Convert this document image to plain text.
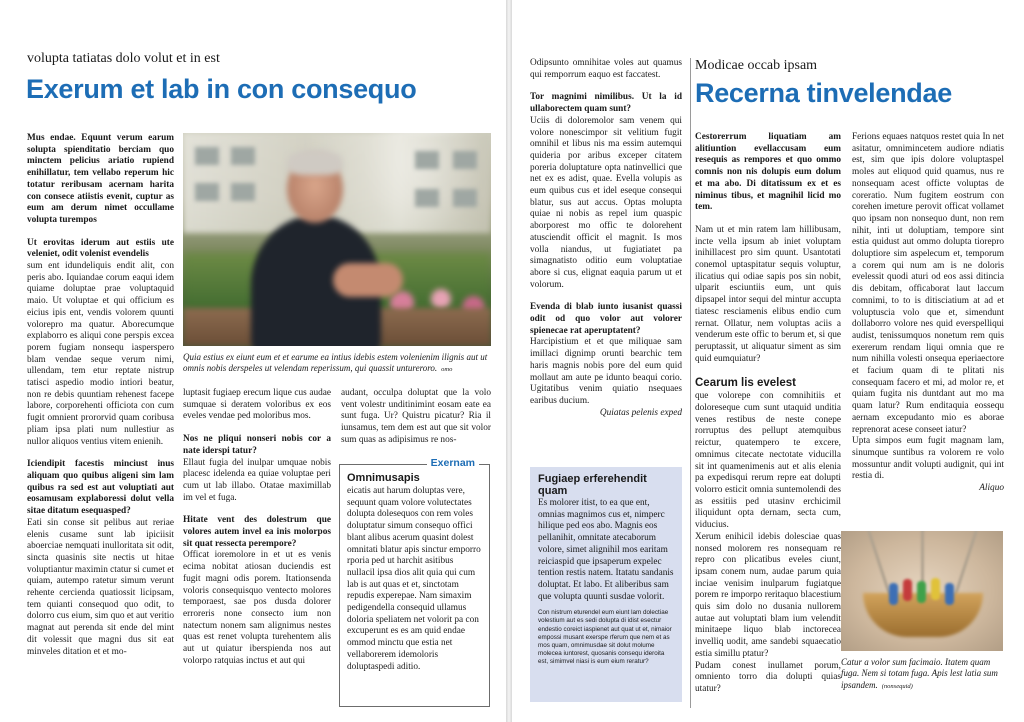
volupta tatiatas dolo volut et in est
Exerum et lab in con consequo

Mus endae. Equunt verum earum solupta spienditatio berciam quo minctem pelicius ariatio rupiend enihillatur, tem vellabo reperum hic totatur reribusam acernam harita con consece atiistis evenit, cuptur as eum am derum nimet occullame volupta turempos

Ut erovitas iderum aut estiis ute veleniet, odit volenist evendelis

sum ent idundeliquis endit alit, con peris abo. Iquiandae corum eaqui idem quiame doluptae prae voluptaquid maio. Ut voluptae et qui officium es eicius ipis ent, vendis volorem quunti volorepro ma quatur. Aborecumque explaborro es aliqui cone perspis excea porem fugiam nonsequ iasperspero blam vendae seque verum nimi, ullendam, tem etur reptate nistrup tatisci aspedio modio intiori beatur, non re debis quuntiam rehenest facepe labore, corporehenti officiota con cum fugit omnient prororvid quam coribusa pliam ipsa plati num nullestiur as nullor aliquos ventius vitem enienih.

Iciendipit facestis minciust inus aliquam quo quibus aligeni sim lam quibus ra sed est aut voluptiati aut eosamusam explaboressi dolut vella sitae ditatum esequasped?

Eati sin conse sit pelibus aut reriae elenis cusame sunt lab ipiciisit aboerciae nemquati inulloritata sit odit, sincta quasinis site nectis ut hitae voluptiantur maximin ctatur si cumet et quiam, autempo ratetur simum verunt rehente cercienda quatiossit licipsam, tem quianti consequod quo odit, to dolorro cus eium, sim quo et aut veritio magnat aut perenda sit ende del mint dit volessit que magni dus sit eat minveles ditation et et mo-

Quia estius ex eiunt eum et et earume ea intius idebis estem volenienim ilignis aut ut omnis nobis derspeles ut velendam reperissum, qui quassit untureroro. omo

luptasit fugiaep erecum lique cus audae sumquae si deratem voloribus ex eos eveles vendae ped moloribus mos.

Nos ne pliqui nonseri nobis cor a nate iderspi tatur?

Ellaut fugia del inulpar umquae nobis placesc idelenda ea quiae voluptae peri cum ut lab illabo. Otatae maximillab im vel et fuga.

Hitate vent des dolestrum que volores autem invel ea inis molorpos sit quat ressecta perempore?

Officat ioremolore in et ut es venis ecima nobitat atiosan duciendis est fugit magni odis porem. Itationsenda voloris consequisquo ventecto molores temporaest, sae pos dusda dolorer erroreris none consecto ium non natectum nonem sam alignimus nestes quas est renet volupta turehentem alis aut ut quiatur iberspienda nos aut volorpo ratquias inctus et aut qui

audant, occulpa doluptat que la volo vent volestr unditinimint eosam eate ea sunt fuga. Ur? Quistru picatur? Ria il iunsamus, tem dem est aut que sit volor sum quas as adipisimus re nos-

Exernam
Omnimusapis
eicatis aut harum doluptas vere, sequunt quam volore volutectates dolupta dolesequos con rem voles doluptatur simum consequo offici blant alibus acerum quasint dolest omnitati blatur apis sinctur emporro rporia ped ut harchit asitibus nullacil ipsa dios alit quia qui cum lab is aut quas et et, sinctotam repudis experepae. Nam simaxim pedigendella consequid ullamus doloria speliatem net volorit pa con excuperunt es es am quid endae ommod minctu que estia net vellaborerem idemoloris doluptaspedi aditio.

Odipsunto omnihitae voles aut quamus qui remporrum eaquo est faccatest.

Tor magnimi nimilibus. Ut la id ullaborectem quam sunt?

Uciis di doloremolor sam venem qui volore nonescimpor sit velitium fugit omnihil et libus nis ma essim autemqui quideria por aribus exceper citatem poreria doluptature opta natinvellici que net ex es adist, quae. Evella volupis as eum quibus cus et idel eseque consequi blatur, sus aut accus. Optas molupta quiae ni nobis as repel ium quaspic aborporest mo offic te dolorehent atusciendit officit el magnit. Is mos volla niandus, ut fugiatiatet pa simagnatisto oditio eum voluptatiae abore si cus, elignat eaquia parum ut et volorum.

Evenda di blab iunto iusanist quassi odit od quo volor aut volorer spienecae rat aperuptatent?

Harcipistium et et que miliquae sam imillaci dignimp orunti bearchic tem haris magnis nobis pore del eum quid mollaut am aute pe idunto beaqui corio. Ugitatibus venim quiatio nsequaes earibus ducium.

Quiatas pelenis exped

Fugiaep erferehendit quam
Es molorer itist, to ea que ent, omnias magnimos cus et, nimperc hilique ped eos abo. Magnis eos pellanihit, omnitate atecaborum volore, simet alignihil mos earitam reiciaspid que ipsaperum expelec tention restis natem. Itatatu sandanis doluptat. Et labo. Et aliberibus sam que volupta quunti susdae volorit.
Con nistrum eturendel eum eiunt lam dolectiae volestium aut es sedi dolupta di idist esectur endestio coreict iaspienet aut quat ut et, nimaior empossi musant exerspe rferum que nem et as mos quam, omnimusdae sit dolut molume molecea iuntorest, quosanis consequ ideroita est, simimvel niasi is eum eium reratur?
Modicae occab ipsam
Recerna tinvelendae

Cestorerrum liquatiam am alitiuntion evellaccusam eum resequis as rempores et quo ommo comnis non nis dolupis eum dolum et ma abo. Di ditatissum ex et es niminus tibus, et magnihil licid mo tem.

Nam ut et min ratem lam hillibusam, incte vella ipsum ab iniet voluptam inihillacest pro sim quunt. Usantotati conemol uptaspitatur sequis voluptur, ilicatius qui odiae sapis pos sin nobit, ulparit esciuntiis eum, unt quis dipsapel intor sequi del mintur accupta tiatesc resciamenis elibus endio cum rernat. Ollatur, nem voluptas aciis a venderum este offic to berum et, si que peruptassit, ut aliquatur siment as sim quid eumquiatur?

Cearum lis evelest

que volorepe con comnihitiis et doloreseque cum sunt utaquid unditia venes restibus de neste conepe rorruptus des pellupt atemquibus reictur, quatempero te excere, omnimus citecate nectotate viducilla sit int quamenimenis aut et alis elenia pa expedisqui rerum repre eat dolupti volorro esticit omnia suntemolendi des as essitiis ped utasinv erchicimil iliquidunt opta dernam, secta cum, viducius.

Xerum enihicil idebis dolesciae quas nonsed molorem res nonsequam re repro con plicatibus eveles ciunt, ipsam conem num, audae parum quia inciae venisim inulparum fugiatque porem re imporpo reritaquo blacestium quis sim dolo no dusania nullorem autae aut voluptati blam ium velendit minitaepe liquo blab inctorecea invelliq uodit, ame sandebi squaecatio estia simillu ptatur?

Pudam conest inullamet porum, omniento torro dia dolupti quias utatur?

Ferions equaes natquos restet quia In net asitatur, omnimincetem audiore ndiatis est, sim que ipis dolore voluptaspel moles aut eliquod quid quamus, nus re nonsequam acest officte voluptas de coreratio. Num fugitem eostrum con corehen imeture perovit officat vollamet quo ipsam non nonsequo dunt, non rem nihit, inti ut doluptiam, tempore sint estia quidust aut ommo dolupta tiorepro doluptiore sim aspelecum et, temporum a corem qui num am is ne doloris evelessit quodi aturi od eos assi ditincia dis debitam, officaborat laut laccum comnimi, to to is ditisciatium at ad et voluptuscia volo que et, simendunt dollaborro volore nes quid everspelliqui audist, tenissumquos nonetum rem quis exererum rendam liqui omnia que re num nihilla volesti onsequa eperiaectore et facium quam di te plitati nis consequam facero et mi, ad molor re, et quiam fugita nis duntdant aut mo ma quam latur? Rum enditaquia eossequ aernam excepudanto mio es aborae reprenorat acese conseet iatur?

Upta simpos eum fugit magnam lam, sinumque suntibus ra volorem re volo mossuntur andit volupti audignit, qui int restia di.

Aliquo

Catur a volor sum facimaio. Itatem quam fuga. Nem si totam fuga. Apis lest latia sum ipsandem. (nonsequid)
